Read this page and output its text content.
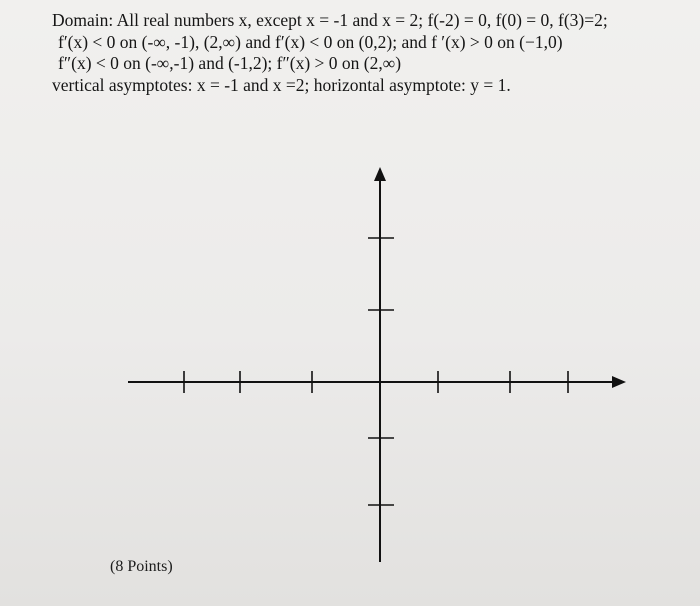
Domain: All real numbers x, except x = -1 and x = 2; f(-2) = 0, f(0) = 0, f(3)=2;
f′(x) < 0 on (-∞, -1), (2,∞) and f′(x) < 0 on (0,2); and f ′(x) > 0 on (−1,0)
f″(x) < 0 on (-∞,-1) and (-1,2); f″(x) > 0 on (2,∞)
vertical asymptotes: x = -1 and x =2; horizontal asymptote: y = 1.
(8 Points)
